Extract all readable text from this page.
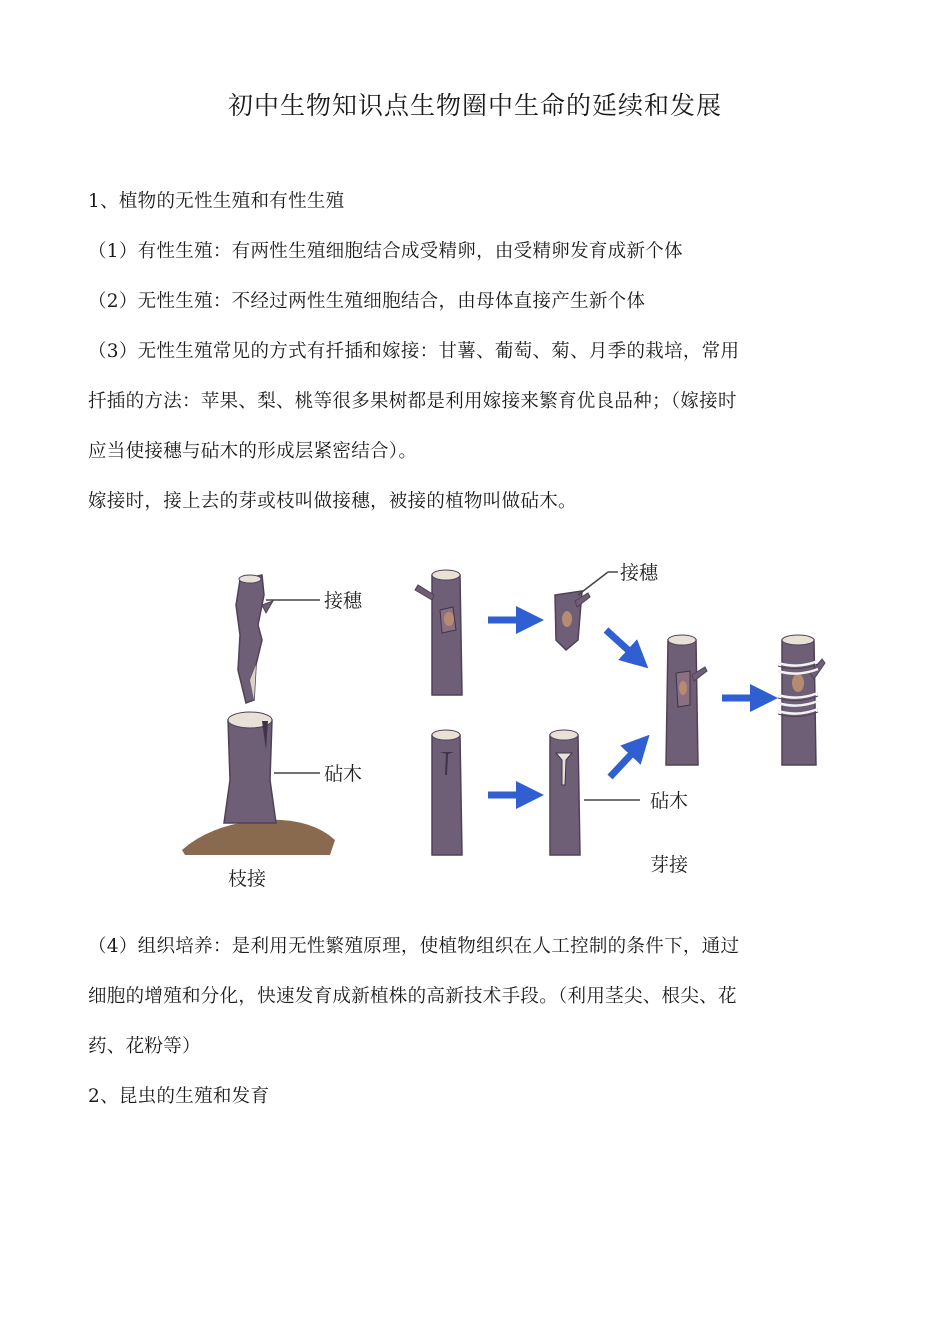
初中生物知识点生物圈中生命的延续和发展
1、植物的无性生殖和有性生殖
（1）有性生殖：有两性生殖细胞结合成受精卵，由受精卵发育成新个体
（2）无性生殖：不经过两性生殖细胞结合，由母体直接产生新个体
（3）无性生殖常见的方式有扦插和嫁接：甘薯、葡萄、菊、月季的栽培，常用
扦插的方法：苹果、梨、桃等很多果树都是利用嫁接来繁育优良品种；（嫁接时
应当使接穗与砧木的形成层紧密结合）。
嫁接时，接上去的芽或枝叫做接穗，被接的植物叫做砧木。
接穗
砧木
枝接
接穗
砧木
芽接
（4）组织培养：是利用无性繁殖原理，使植物组织在人工控制的条件下，通过
细胞的增殖和分化，快速发育成新植株的高新技术手段。（利用茎尖、根尖、花
药、花粉等）
2、昆虫的生殖和发育
